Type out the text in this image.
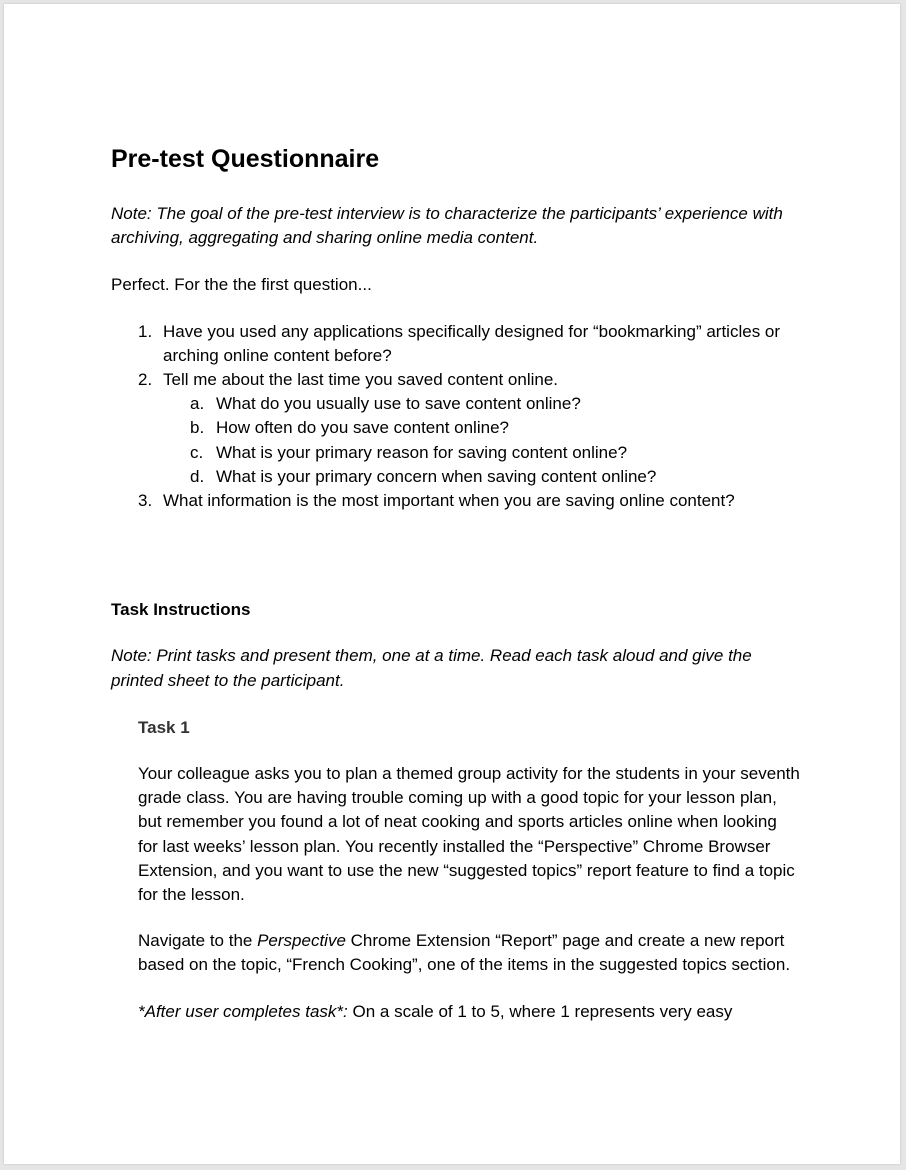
Pre-test Questionnaire

Note: The goal of the pre-test interview is to characterize the participants’ experience with archiving, aggregating and sharing online media content.

Perfect. For the the first question...

1. Have you used any applications specifically designed for “bookmarking” articles or arching online content before?
2. Tell me about the last time you saved content online.
a. What do you usually use to save content online?
b. How often do you save content online?
c. What is your primary reason for saving content online?
d. What is your primary concern when saving content online?
3. What information is the most important when you are saving online content?
Task Instructions

Note: Print tasks and present them, one at a time. Read each task aloud and give the printed sheet to the participant.

Task 1

Your colleague asks you to plan a themed group activity for the students in your seventh grade class. You are having trouble coming up with a good topic for your lesson plan, but remember you found a lot of neat cooking and sports articles online when looking for last weeks’ lesson plan. You recently installed the “Perspective” Chrome Browser Extension, and you want to use the new “suggested topics” report feature to find a topic for the lesson.

Navigate to the Perspective Chrome Extension “Report” page and create a new report based on the topic, “French Cooking”, one of the items in the suggested topics section.

*After user completes task*: On a scale of 1 to 5, where 1 represents very easy
